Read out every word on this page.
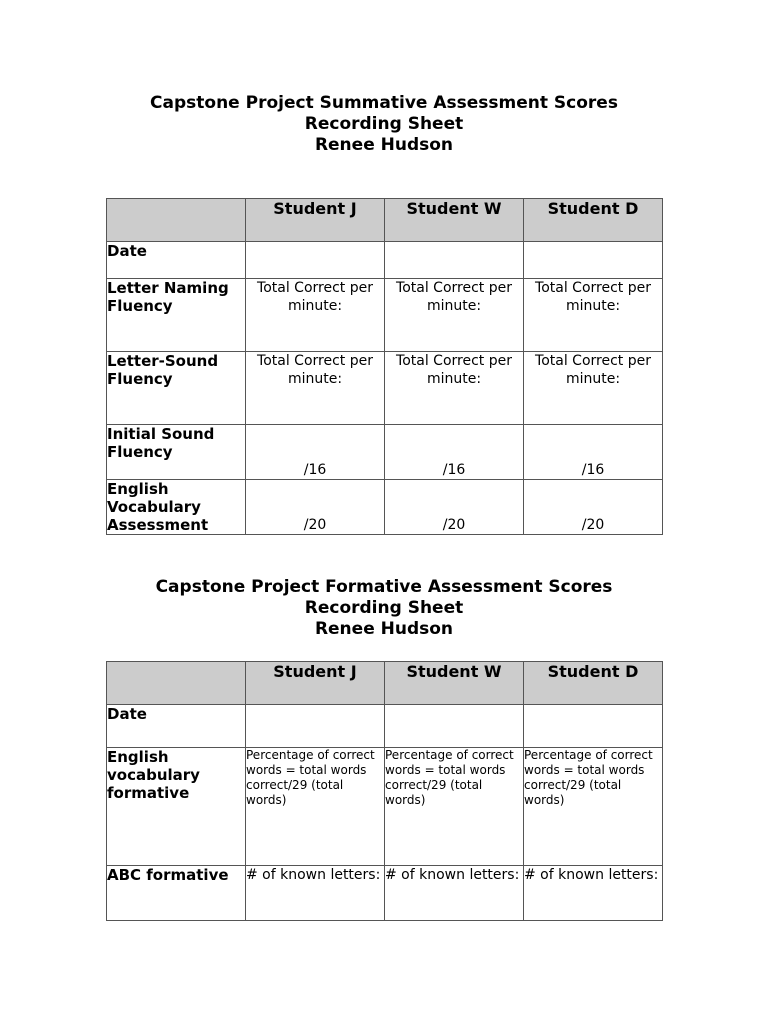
Capstone Project Summative Assessment Scores
Recording Sheet
Renee Hudson
	Student J	Student W	Student D
Date			
Letter Naming Fluency	Total Correct per minute:	Total Correct per minute:	Total Correct per minute:
Letter-Sound Fluency	Total Correct per minute:	Total Correct per minute:	Total Correct per minute:
Initial Sound Fluency	/16	/16	/16

English Vocabulary Assessment	/20	/20	/20
Capstone Project Formative Assessment Scores
Recording Sheet
Renee Hudson
	Student J	Student W	Student D
Date			
English vocabulary formative	Percentage of correct words = total words correct/29 (total words)	Percentage of correct words = total words correct/29 (total words)	Percentage of correct words = total words correct/29 (total words)
ABC formative	# of known letters:	# of known letters:	# of known letters:
